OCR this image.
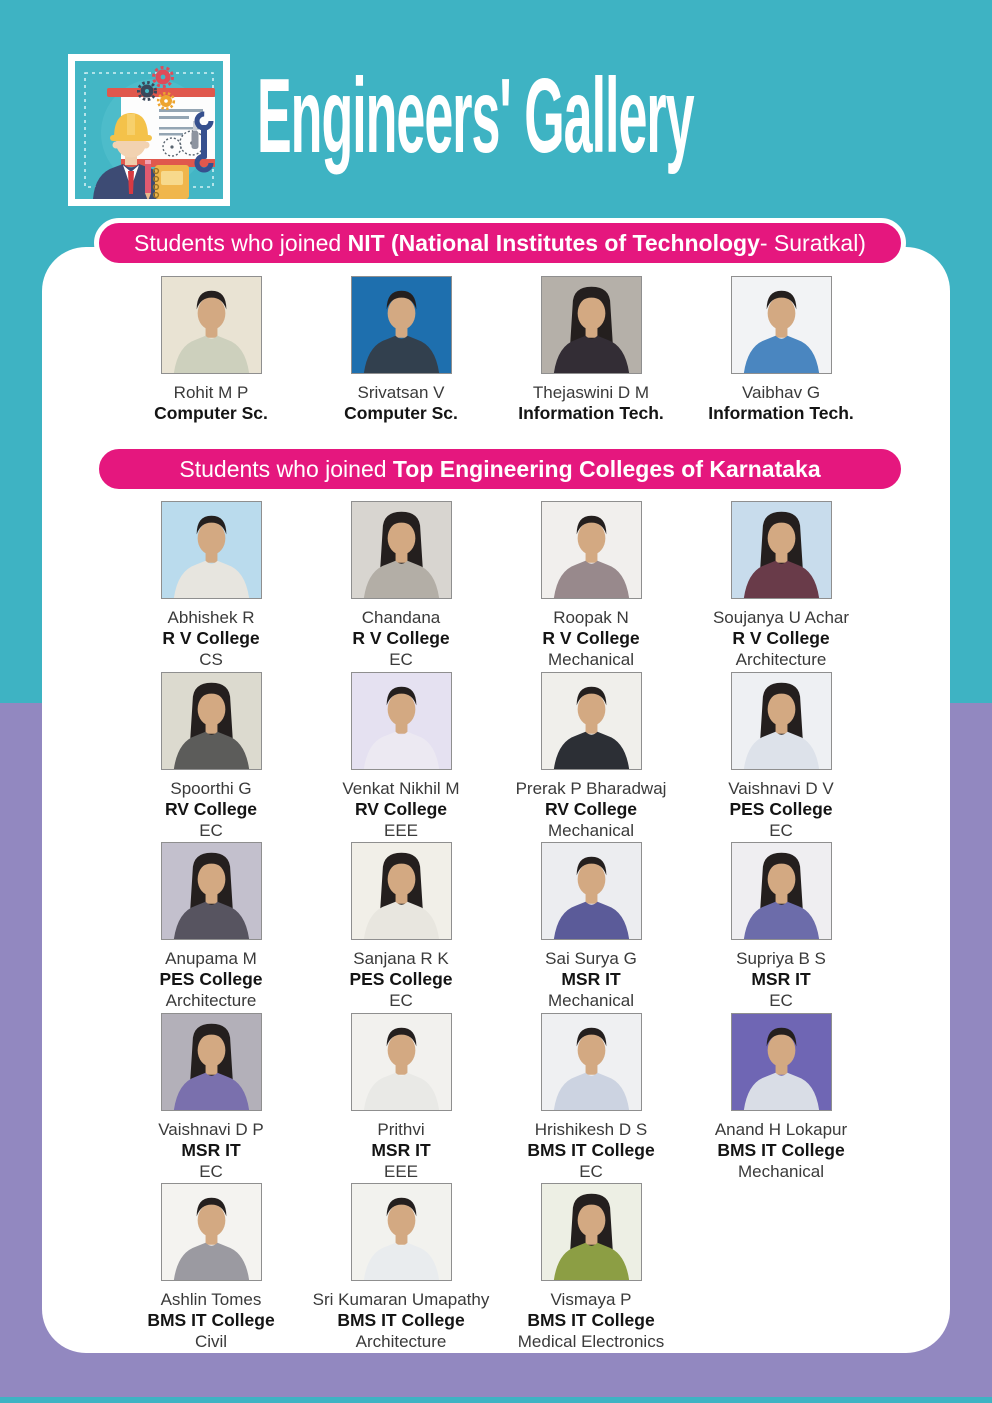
Engineers' Gallery
Students who joined NIT (National Institutes of Technology - Suratkal)
Students who joined Top Engineering Colleges of Karnataka
Rohit M P
Computer Sc.
Srivatsan V
Computer Sc.
Thejaswini D M
Information Tech.
Vaibhav G
Information Tech.
Abhishek R
R V College
CS
Chandana
R V College
EC
Roopak N
R V College
Mechanical
Soujanya U Achar
R V College
Architecture
Spoorthi G
RV College
EC
Venkat Nikhil M
RV College
EEE
Prerak P Bharadwaj
RV College
Mechanical
Vaishnavi D V
PES College
EC
Anupama M
PES College
Architecture
Sanjana R K
PES College
EC
Sai Surya G
MSR IT
Mechanical
Supriya B S
MSR IT
EC
Vaishnavi D P
MSR IT
EC
Prithvi
MSR IT
EEE
Hrishikesh D S
BMS IT College
EC
Anand H Lokapur
BMS IT College
Mechanical
Ashlin Tomes
BMS IT College
Civil
Sri Kumaran Umapathy
BMS IT College
Architecture
Vismaya P
BMS IT College
Medical Electronics
